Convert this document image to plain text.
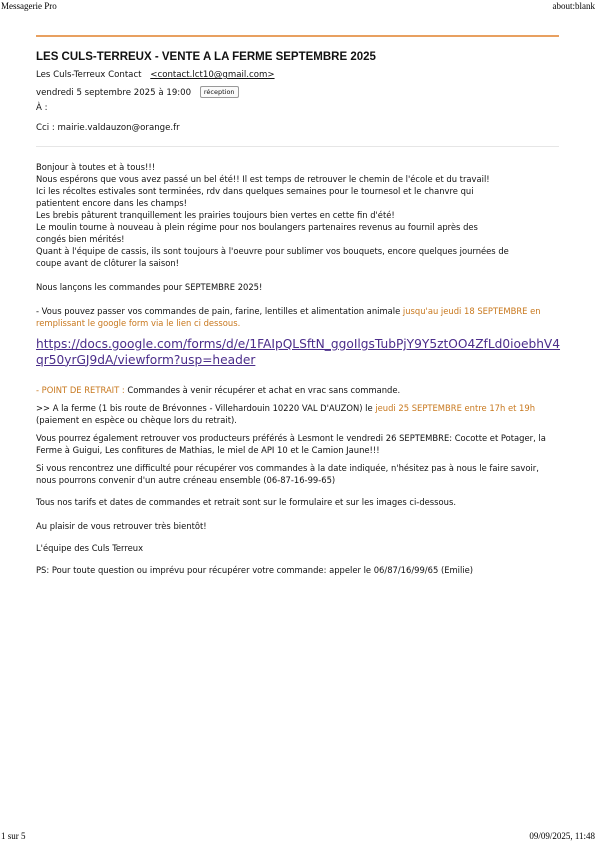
Messagerie Pro	about:blank
LES CULS-TERREUX - VENTE A LA FERME SEPTEMBRE 2025
Les Culs-Terreux Contact <contact.lct10@gmail.com>
vendredi 5 septembre 2025 à 19:00 réception
À :
Cci : mairie.valdauzon@orange.fr

Bonjour à toutes et à tous!!!
Nous espérons que vous avez passé un bel été!! Il est temps de retrouver le chemin de l'école et du travail!
Ici les récoltes estivales sont terminées, rdv dans quelques semaines pour le tournesol et le chanvre qui
patientent encore dans les champs!
Les brebis pâturent tranquillement les prairies toujours bien vertes en cette fin d'été!
Le moulin tourne à nouveau à plein régime pour nos boulangers partenaires revenus au fournil après des
congés bien mérités!
Quant à l'équipe de cassis, ils sont toujours à l'oeuvre pour sublimer vos bouquets, encore quelques journées de
coupe avant de clôturer la saison!

Nous lançons les commandes pour SEPTEMBRE 2025!

- Vous pouvez passer vos commandes de pain, farine, lentilles et alimentation animale jusqu'au jeudi 18 SEPTEMBRE en remplissant le google form via le lien ci dessous.

https://docs.google.com/forms/d/e/1FAIpQLSftN_ggoIlgsTubPjY9Y5ztOO4ZfLd0ioebhV4qr50yrGJ9dA/viewform?usp=header

- POINT DE RETRAIT : Commandes à venir récupérer et achat en vrac sans commande.

>> A la ferme (1 bis route de Brévonnes - Villehardouin 10220 VAL D'AUZON) le jeudi 25 SEPTEMBRE entre 17h et 19h (paiement en espèce ou chèque lors du retrait).

Vous pourrez également retrouver vos producteurs préférés à Lesmont le vendredi 26 SEPTEMBRE: Cocotte et Potager, la Ferme à Guigui, Les confitures de Mathias, le miel de API 10 et le Camion Jaune!!!

Si vous rencontrez une difficulté pour récupérer vos commandes à la date indiquée, n'hésitez pas à nous le faire savoir, nous pourrons convenir d'un autre créneau ensemble (06-87-16-99-65)

Tous nos tarifs et dates de commandes et retrait sont sur le formulaire et sur les images ci-dessous.

Au plaisir de vous retrouver très bientôt!

L'équipe des Culs Terreux

PS: Pour toute question ou imprévu pour récupérer votre commande: appeler le 06/87/16/99/65 (Emilie)

1 sur 5	09/09/2025, 11:48
